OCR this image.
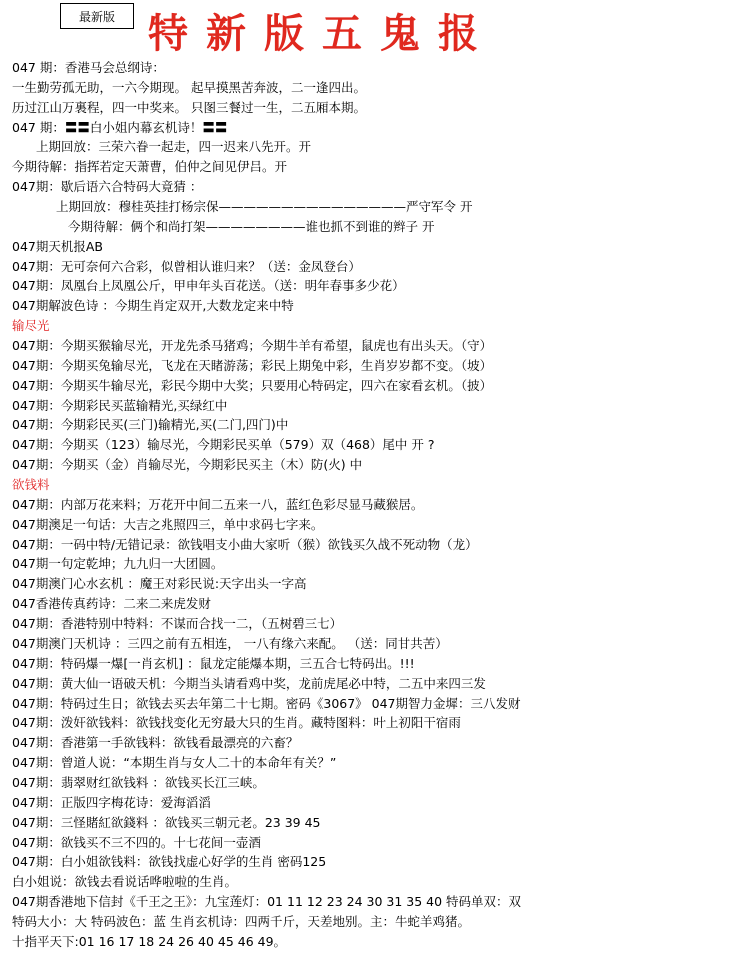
最新版 特新版五鬼报
047 期：香港马会总纲诗：
一生勤劳孤无助，一六今期现。 起早摸黑苦奔波，二一逢四出。
历过江山万裏程，四一中奖来。 只图三餐过一生，二五厢本期。
047 期：〓〓白小姐内幕玄机诗！〓〓
上期回放：三荣六眷一起走，四一迟来八先开。开
今期待解：指挥若定天萧曹，伯仲之间见伊吕。开
047期：歇后语六合特码大竟猜 ：
上期回放：穆桂英挂打杨宗保———————————————严守军令 开
今期待解：俩个和尚打架————————谁也抓不到谁的辫子 开
047期天机报AB
047期：无可奈何六合彩，似曾相认谁归来？（送：金凤登台）
047期：凤凰台上凤凰公斤，甲申年头百花送。（送：明年春事多少花）
047期解波色诗 ：今期生肖定双开,大数龙定来中特
输尽光
047期：今期买猴输尽光，开龙先杀马猪鸡；今期牛羊有希望，鼠虎也有出头天。（守）
047期：今期买兔输尽光，飞龙在天睹游荡；彩民上期兔中彩，生肖岁岁都不变。（坡）
047期：今期买牛输尽光，彩民今期中大奖；只要用心特码定，四六在家看玄机。（披）
047期：今期彩民买蓝输精光,买绿红中
047期：今期彩民买(三门)输精光,买(二门,四门)中
047期：今期买（123）输尽光，今期彩民买单（579）双（468）尾中 开 ?
047期：今期买（金）肖输尽光，今期彩民买主（木）防(火) 中
欲钱料
047期：内部万花来料；万花开中间二五来一八，蓝红色彩尽显马藏猴居。
047期澳足一句话：大吉之兆照四三，单中求码七字来。
047期：一码中特/无错记录：欲钱唱支小曲大家听（猴）欲钱买久战不死动物（龙）
047期一句定乾坤；九九归一大团圆。
047期澳门心水玄机 ：魔王对彩民说:天字出头一字高
047香港传真药诗：二来二来虎发财
047期：香港特别中特料：不谋而合找一二，（五树碧三七）
047期澳门天机诗 ：三四之前有五相连， 一八有缘六来配。 （送：同甘共苦）
047期：特码爆一爆[一肖玄机] ：鼠龙定能爆本期，三五合七特码出。!!!
047期：黄大仙一语破天机：今期当头请看鸡中奖，龙前虎尾必中特，二五中来四三发
047期：特码过生日；欲钱去买去年第二十七期。密码《3067》 047期智力金墀：三八发财
047期：泼奸欲钱料：欲钱找变化无穷最大只的生肖。藏特图料：叶上初阳干宿雨
047期：香港第一手欲钱料：欲钱看最漂亮的六畜？
047期：曾道人说：“本期生肖与女人二十的本命年有关？”
047期：翡翠财红欲钱料 ：欲钱买长江三峡。
047期：正版四字梅花诗：爱海滔滔
047期：三怪賭紅欲錢料 ：欲钱买三朝元老。23 39 45
047期：欲钱买不三不四的。十七花间一壶酒
047期：白小姐欲钱料：欲钱找虚心好学的生肖 密码125
白小姐说：欲钱去看说话哗啦啦的生肖。
047期香港地下信封《千王之王》：九宝莲灯：01 11 12 23 24 30 31 35 40 特码单双：双
特码大小：大 特码波色：蓝 生肖玄机诗：四两千斤，天差地别。主：牛蛇羊鸡猪。
十指平天下:01 16 17 18 24 26 40 45 46 49。
